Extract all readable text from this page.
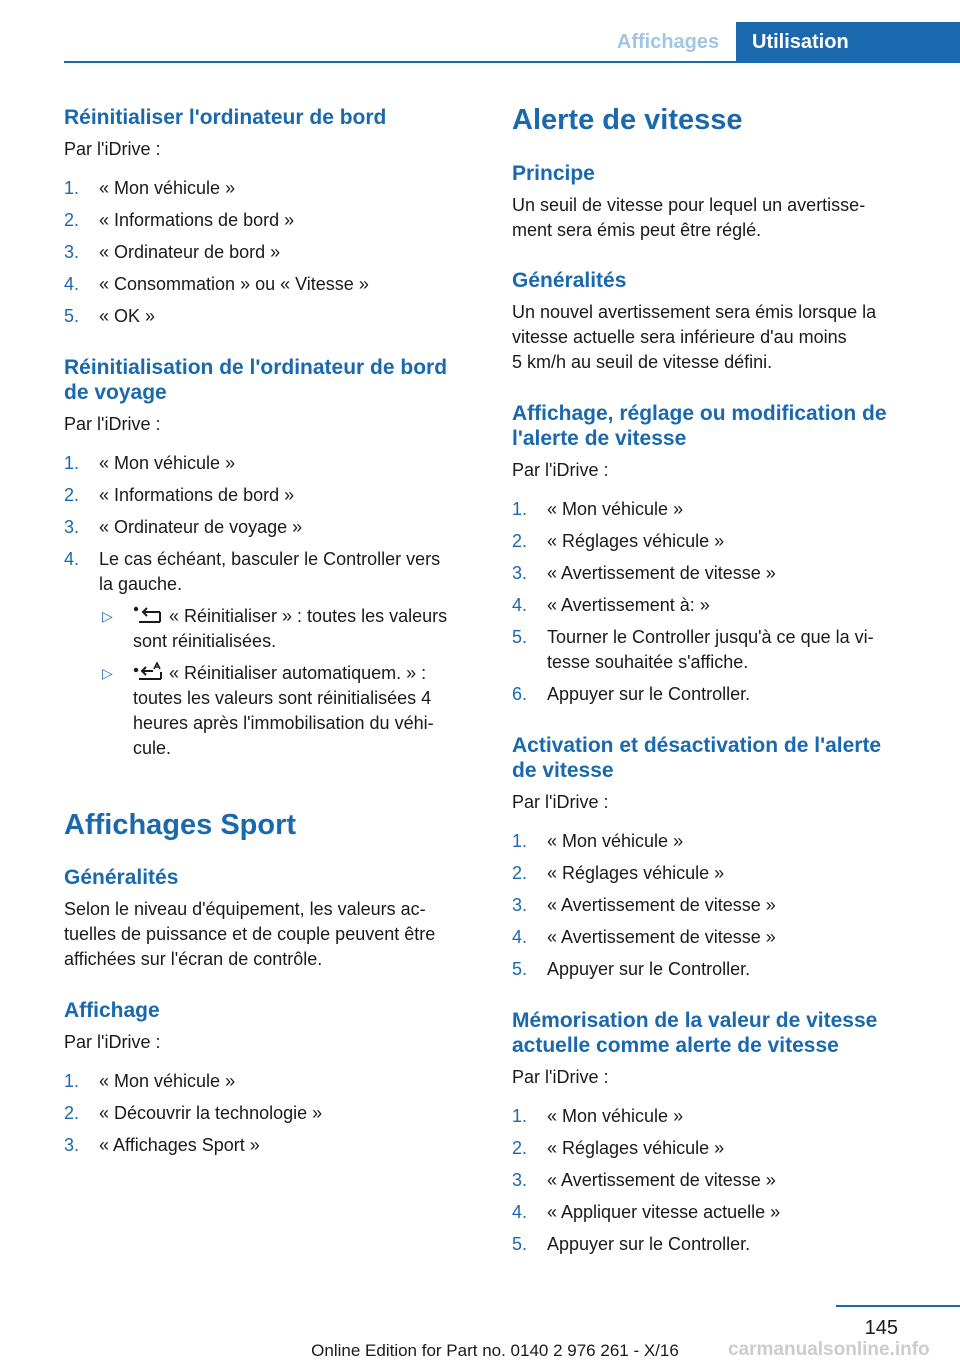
Affichages	Utilisation
Réinitialiser l'ordinateur de bord
Par l'iDrive :
1. « Mon véhicule »
2. « Informations de bord »
3. « Ordinateur de bord »
4. « Consommation » ou « Vitesse »
5. « OK »
Réinitialisation de l'ordinateur de bord
de voyage
Par l'iDrive :
1. « Mon véhicule »
2. « Informations de bord »
3. « Ordinateur de voyage »
4. Le cas échéant, basculer le Controller vers
la gauche.
▷	« Réinitialiser » : toutes les valeurs
sont réinitialisées.
▷	« Réinitialiser automatiquem. » :
toutes les valeurs sont réinitialisées 4
heures après l'immobilisation du véhi-
cule.
Affichages Sport
Généralités
Selon le niveau d'équipement, les valeurs ac-
tuelles de puissance et de couple peuvent être
affichées sur l'écran de contrôle.
Affichage
Par l'iDrive :
1. « Mon véhicule »
2. « Découvrir la technologie »
3. « Affichages Sport »
Alerte de vitesse
Principe
Un seuil de vitesse pour lequel un avertisse-
ment sera émis peut être réglé.
Généralités
Un nouvel avertissement sera émis lorsque la
vitesse actuelle sera inférieure d'au moins
5 km/h au seuil de vitesse défini.
Affichage, réglage ou modification de
l'alerte de vitesse
Par l'iDrive :
1. « Mon véhicule »
2. « Réglages véhicule »
3. « Avertissement de vitesse »
4. « Avertissement à: »
5. Tourner le Controller jusqu'à ce que la vi-
tesse souhaitée s'affiche.
6. Appuyer sur le Controller.
Activation et désactivation de l'alerte
de vitesse
Par l'iDrive :
1. « Mon véhicule »
2. « Réglages véhicule »
3. « Avertissement de vitesse »
4. « Avertissement de vitesse »
5. Appuyer sur le Controller.
Mémorisation de la valeur de vitesse
actuelle comme alerte de vitesse
Par l'iDrive :
1. « Mon véhicule »
2. « Réglages véhicule »
3. « Avertissement de vitesse »
4. « Appliquer vitesse actuelle »
5. Appuyer sur le Controller.
145
Online Edition for Part no. 0140 2 976 261 - X/16	carmanualsonline.info
